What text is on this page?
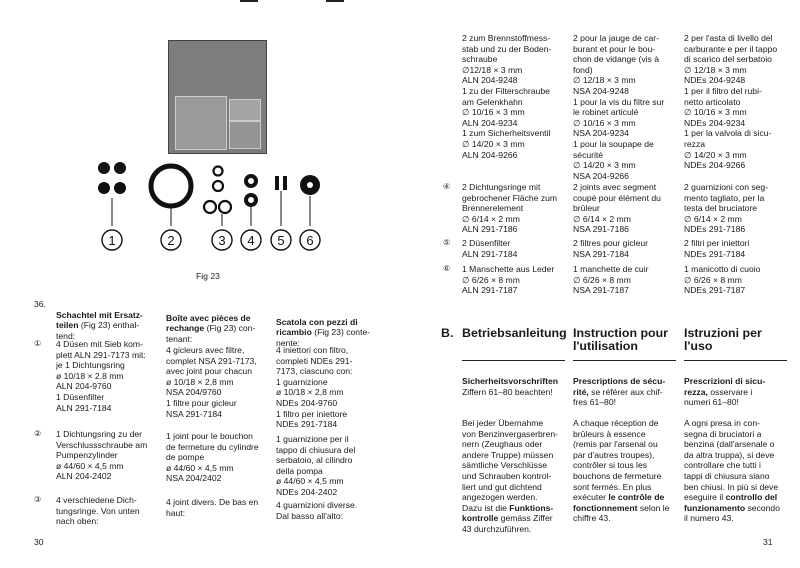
1	2	3 4 5 6
Fig 23
36.

Schachtel mit Ersatz-teilen (Fig 23) enthal-
tend:

Boîte avec pièces de rechange (Fig 23) con-
tenant:

Scatola con pezzi di ricambio (Fig 23) conte-
nente:

① 4 Düsen mit Sieb kom-
plett ALN 291-7173 mit:
je 1 Dichtungsring
ø 10/18 × 2,8 mm
ALN 204-9760
1 Düsenfilter
ALN 291-7184
4 gicleurs avec filtre,
complet NSA 291-7173,
avec joint pour chacun
ø 10/18 × 2,8 mm
NSA 204/9760
1 filtre pour gicleur
NSA 291-7184
4 iniettori con filtro,
completi NDEs 291-
7173, ciascuno con:
1 guarnizione
ø 10/18 × 2,8 mm
NDEs 204-9760
1 filtro per iniettore
NDEs 291-7184
② 1 Dichtungsring zu der
Verschlussschraube am
Pumpenzylinder
ø 44/60 × 4,5 mm
ALN 204-2402
1 joint pour le bouchon
de fermeture du cylindre
de pompe
ø 44/60 × 4,5 mm
NSA 204/2402
1 guarnizione per il
tappo di chiusura del
serbatoio, al cilindro
della pompa
ø 44/60 × 4,5 mm
NDEs 204-2402
③ 4 verschiedene Dich-
tungsringe. Von unten
nach oben:
4 joint divers. De bas en
haut:
4 guarnizioni diverse.
Dal basso all'alto:
30
2 zum Brennstoffmess-
stab und zu der Boden-
schraube
∅12/18 × 3 mm
ALN 204-9248
1 zu der Filterschraube
am Gelenkhahn
∅ 10/16 × 3 mm
ALN 204-9234
1 zum Sicherheitsventil
∅ 14/20 × 3 mm
ALN 204-9266
2 pour la jauge de car-
burant et pour le bou-
chon de vidange (vis à
fond)
∅ 12/18 × 3 mm
NSA 204-9248
1 pour la vis du filtre sur
le robinet articulé
∅ 10/16 × 3 mm
NSA 204-9234
1 pour la soupape de
sécurité
∅ 14/20 × 3 mm
NSA 204-9266
2 per l'asta di livello del
carburante e per il tappo
di scarico del serbatoio
∅ 12/18 × 3 mm
NDEs 204-9248
1 per il filtro del rubi-
netto articolato
∅ 10/16 × 3 mm
NDEs 204-9234
1 per la valvola di sicu-
rezza
∅ 14/20 × 3 mm
NDEs 204-9266
④ 2 Dichtungsringe mit
gebrochener Fläche zum
Brennerelement
∅ 6/14 × 2 mm
ALN 291-7186
2 joints avec segment
coupé pour élément du
brûleur
∅ 6/14 × 2 mm
NSA 291-7186
2 guarnizioni con seg-
mento tagliato, per la
testa del bruciatore
∅ 6/14 × 2 mm
NDEs 291-7186
⑤ 2 Düsenfilter
ALN 291-7184
2 filtres pour gicleur
NSA 291-7184
2 filtri per iniettori
NDEs 291-7184
⑥ 1 Manschette aus Leder
∅ 6/26 × 8 mm
ALN 291-7187
1 manchette de cuir
∅ 6/26 × 8 mm
NSA 291-7187
1 manicotto di cuoio
∅ 6/26 × 8 mm
NDEs 291-7187
B. Betriebsanleitung Instruction pour
l'utilisation
Istruzioni per
l'uso
Sicherheitsvorschriften
Ziffern 61–80 beachten!
Prescriptions de sécu-
rité, se référer aux chif-
fres 61–80!
Prescrizioni di sicu-
rezza, osservare i
numeri 61–80!
Bei jeder Übernahme
von Benzinvergaserbren-
nern (Zeughaus oder
andere Truppe) müssen
sämtliche Verschlüsse
und Schrauben kontrol-
liert und gut dichtend
angezogen werden.
Dazu ist die Funktions-
kontrolle gemäss Ziffer
43 durchzuführen.
A chaque réception de
brûleurs à essence
(remis par l'arsenal ou
par d'autres troupes),
contrôler si tous les
bouchons de fermeture
sont fermés. En plus
exécuter le contrôle de
fonctionnement selon le
chiffre 43.
A ogni presa in con-
segna di bruciatori a
benzina (dall'arsenale o
da altra truppa), si deve
controllare che tutti i
tappi di chiusura siano
ben chiusi. In più si deve
eseguire il controllo del
funzionamento secondo
il numero 43.
31
